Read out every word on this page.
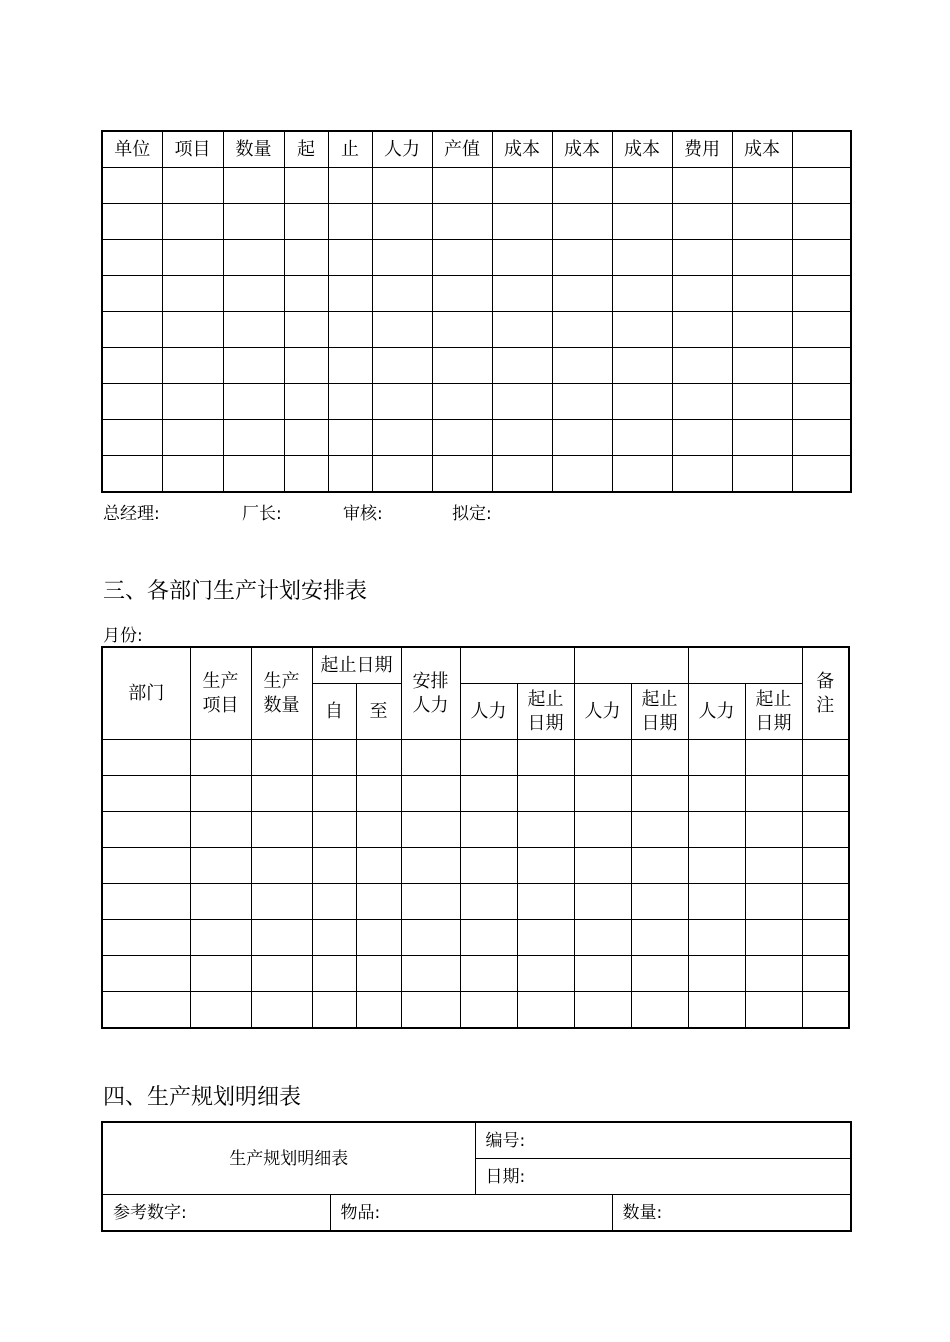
单位	项目	数量	起	止	人力	产值	成本	成本	成本	费用	成本	

总经理:	厂长:	审核:	拟定:
三、各部门生产计划安排表
月份:
部门	生产项目	生产数量	起止日期		安排人力							备注
			自	至		人力	起止日期	人力	起止日期	人力	起止日期	

四、生产规划明细表
生产规划明细表		编号:	
		日期:	
参考数字:	物品:		数量:
